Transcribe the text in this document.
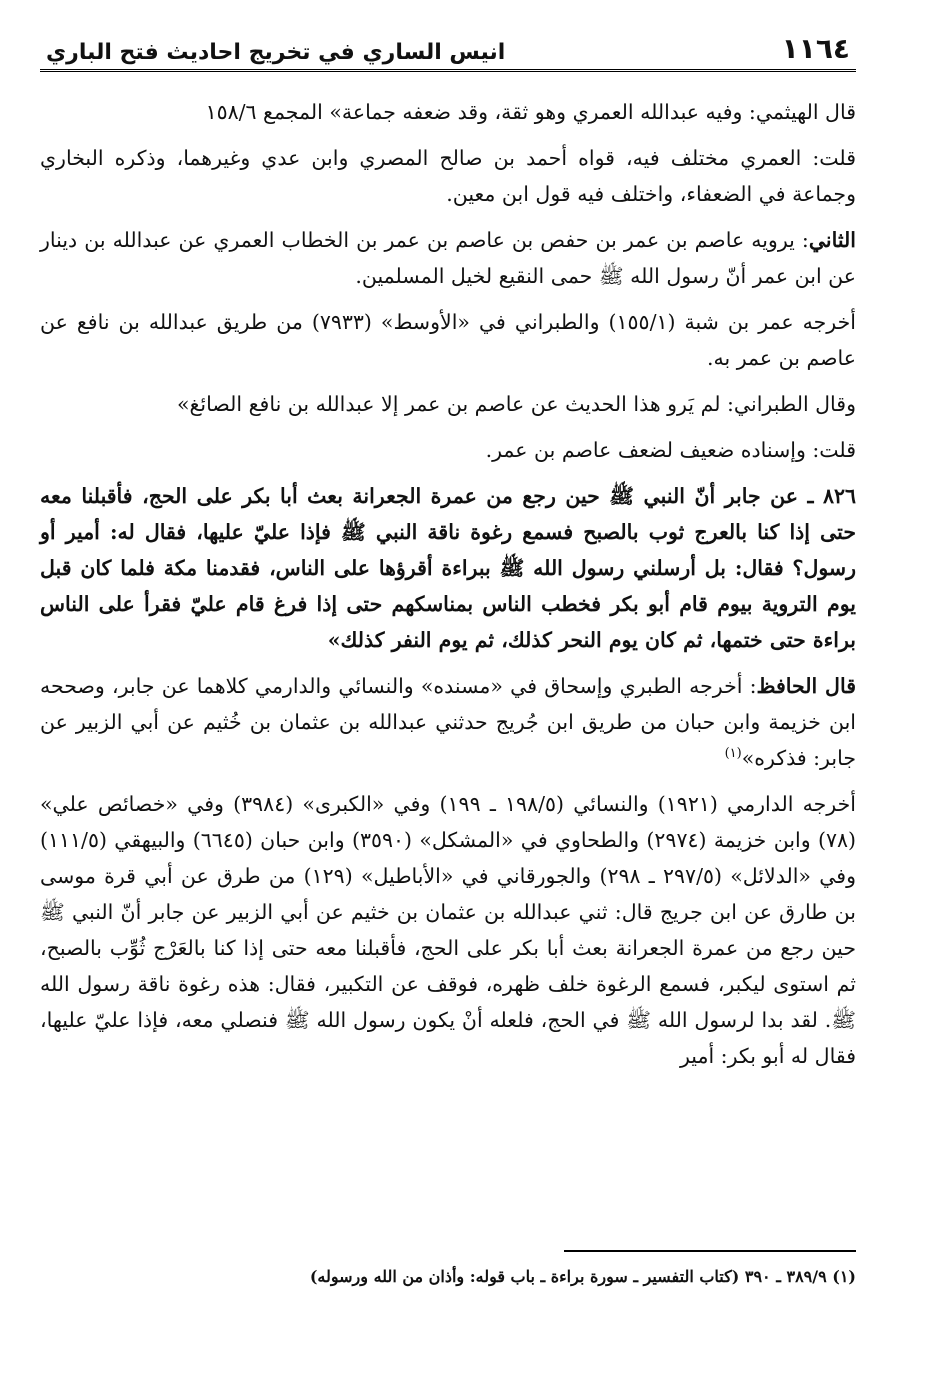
١١٦٤
انيس الساري في تخريج احاديث فتح الباري

قال الهيثمي: وفيه عبدالله العمري وهو ثقة، وقد ضعفه جماعة» المجمع ١٥٨/٦

قلت: العمري مختلف فيه، قواه أحمد بن صالح المصري وابن عدي وغيرهما، وذكره البخاري وجماعة في الضعفاء، واختلف فيه قول ابن معين.

الثاني: يرويه عاصم بن عمر بن حفص بن عاصم بن عمر بن الخطاب العمري عن عبدالله بن دينار عن ابن عمر أنّ رسول الله ﷺ حمى النقيع لخيل المسلمين.

أخرجه عمر بن شبة (١٥٥/١) والطبراني في «الأوسط» (٧٩٣٣) من طريق عبدالله بن نافع عن عاصم بن عمر به.

وقال الطبراني: لم يَرو هذا الحديث عن عاصم بن عمر إلا عبدالله بن نافع الصائغ»

قلت: وإسناده ضعيف لضعف عاصم بن عمر.

٨٢٦ ـ عن جابر أنّ النبي ﷺ حين رجع من عمرة الجعرانة بعث أبا بكر على الحج، فأقبلنا معه حتى إذا كنا بالعرج ثوب بالصبح فسمع رغوة ناقة النبي ﷺ فإذا عليّ عليها، فقال له: أمير أو رسول؟ فقال: بل أرسلني رسول الله ﷺ ببراءة أقرؤها على الناس، فقدمنا مكة فلما كان قبل يوم التروية بيوم قام أبو بكر فخطب الناس بمناسكهم حتى إذا فرغ قام عليّ فقرأ على الناس براءة حتى ختمها، ثم كان يوم النحر كذلك، ثم يوم النفر كذلك»

قال الحافظ: أخرجه الطبري وإسحاق في «مسنده» والنسائي والدارمي كلاهما عن جابر، وصححه ابن خزيمة وابن حبان من طريق ابن جُريج حدثني عبدالله بن عثمان بن خُثيم عن أبي الزبير عن جابر: فذكره»$^{(١)}$

أخرجه الدارمي (١٩٢١) والنسائي (١٩٨/٥ ـ ١٩٩) وفي «الكبرى» (٣٩٨٤) وفي «خصائص علي» (٧٨) وابن خزيمة (٢٩٧٤) والطحاوي في «المشكل» (٣٥٩٠) وابن حبان (٦٦٤٥) والبيهقي (١١١/٥) وفي «الدلائل» (٢٩٧/٥ ـ ٢٩٨) والجورقاني في «الأباطيل» (١٢٩) من طرق عن أبي قرة موسى بن طارق عن ابن جريج قال: ثني عبدالله بن عثمان بن خثيم عن أبي الزبير عن جابر أنّ النبي ﷺ حين رجع من عمرة الجعرانة بعث أبا بكر على الحج، فأقبلنا معه حتى إذا كنا بالعَرْج ثُوِّب بالصبح، ثم استوى ليكبر، فسمع الرغوة خلف ظهره، فوقف عن التكبير، فقال: هذه رغوة ناقة رسول الله ﷺ. لقد بدا لرسول الله ﷺ في الحج، فلعله أنْ يكون رسول الله ﷺ فنصلي معه، فإذا عليّ عليها، فقال له أبو بكر: أمير

(١) ٣٨٩/٩ ـ ٣٩٠ (كتاب التفسير ـ سورة براءة ـ باب قوله: وأذان من الله ورسوله)
